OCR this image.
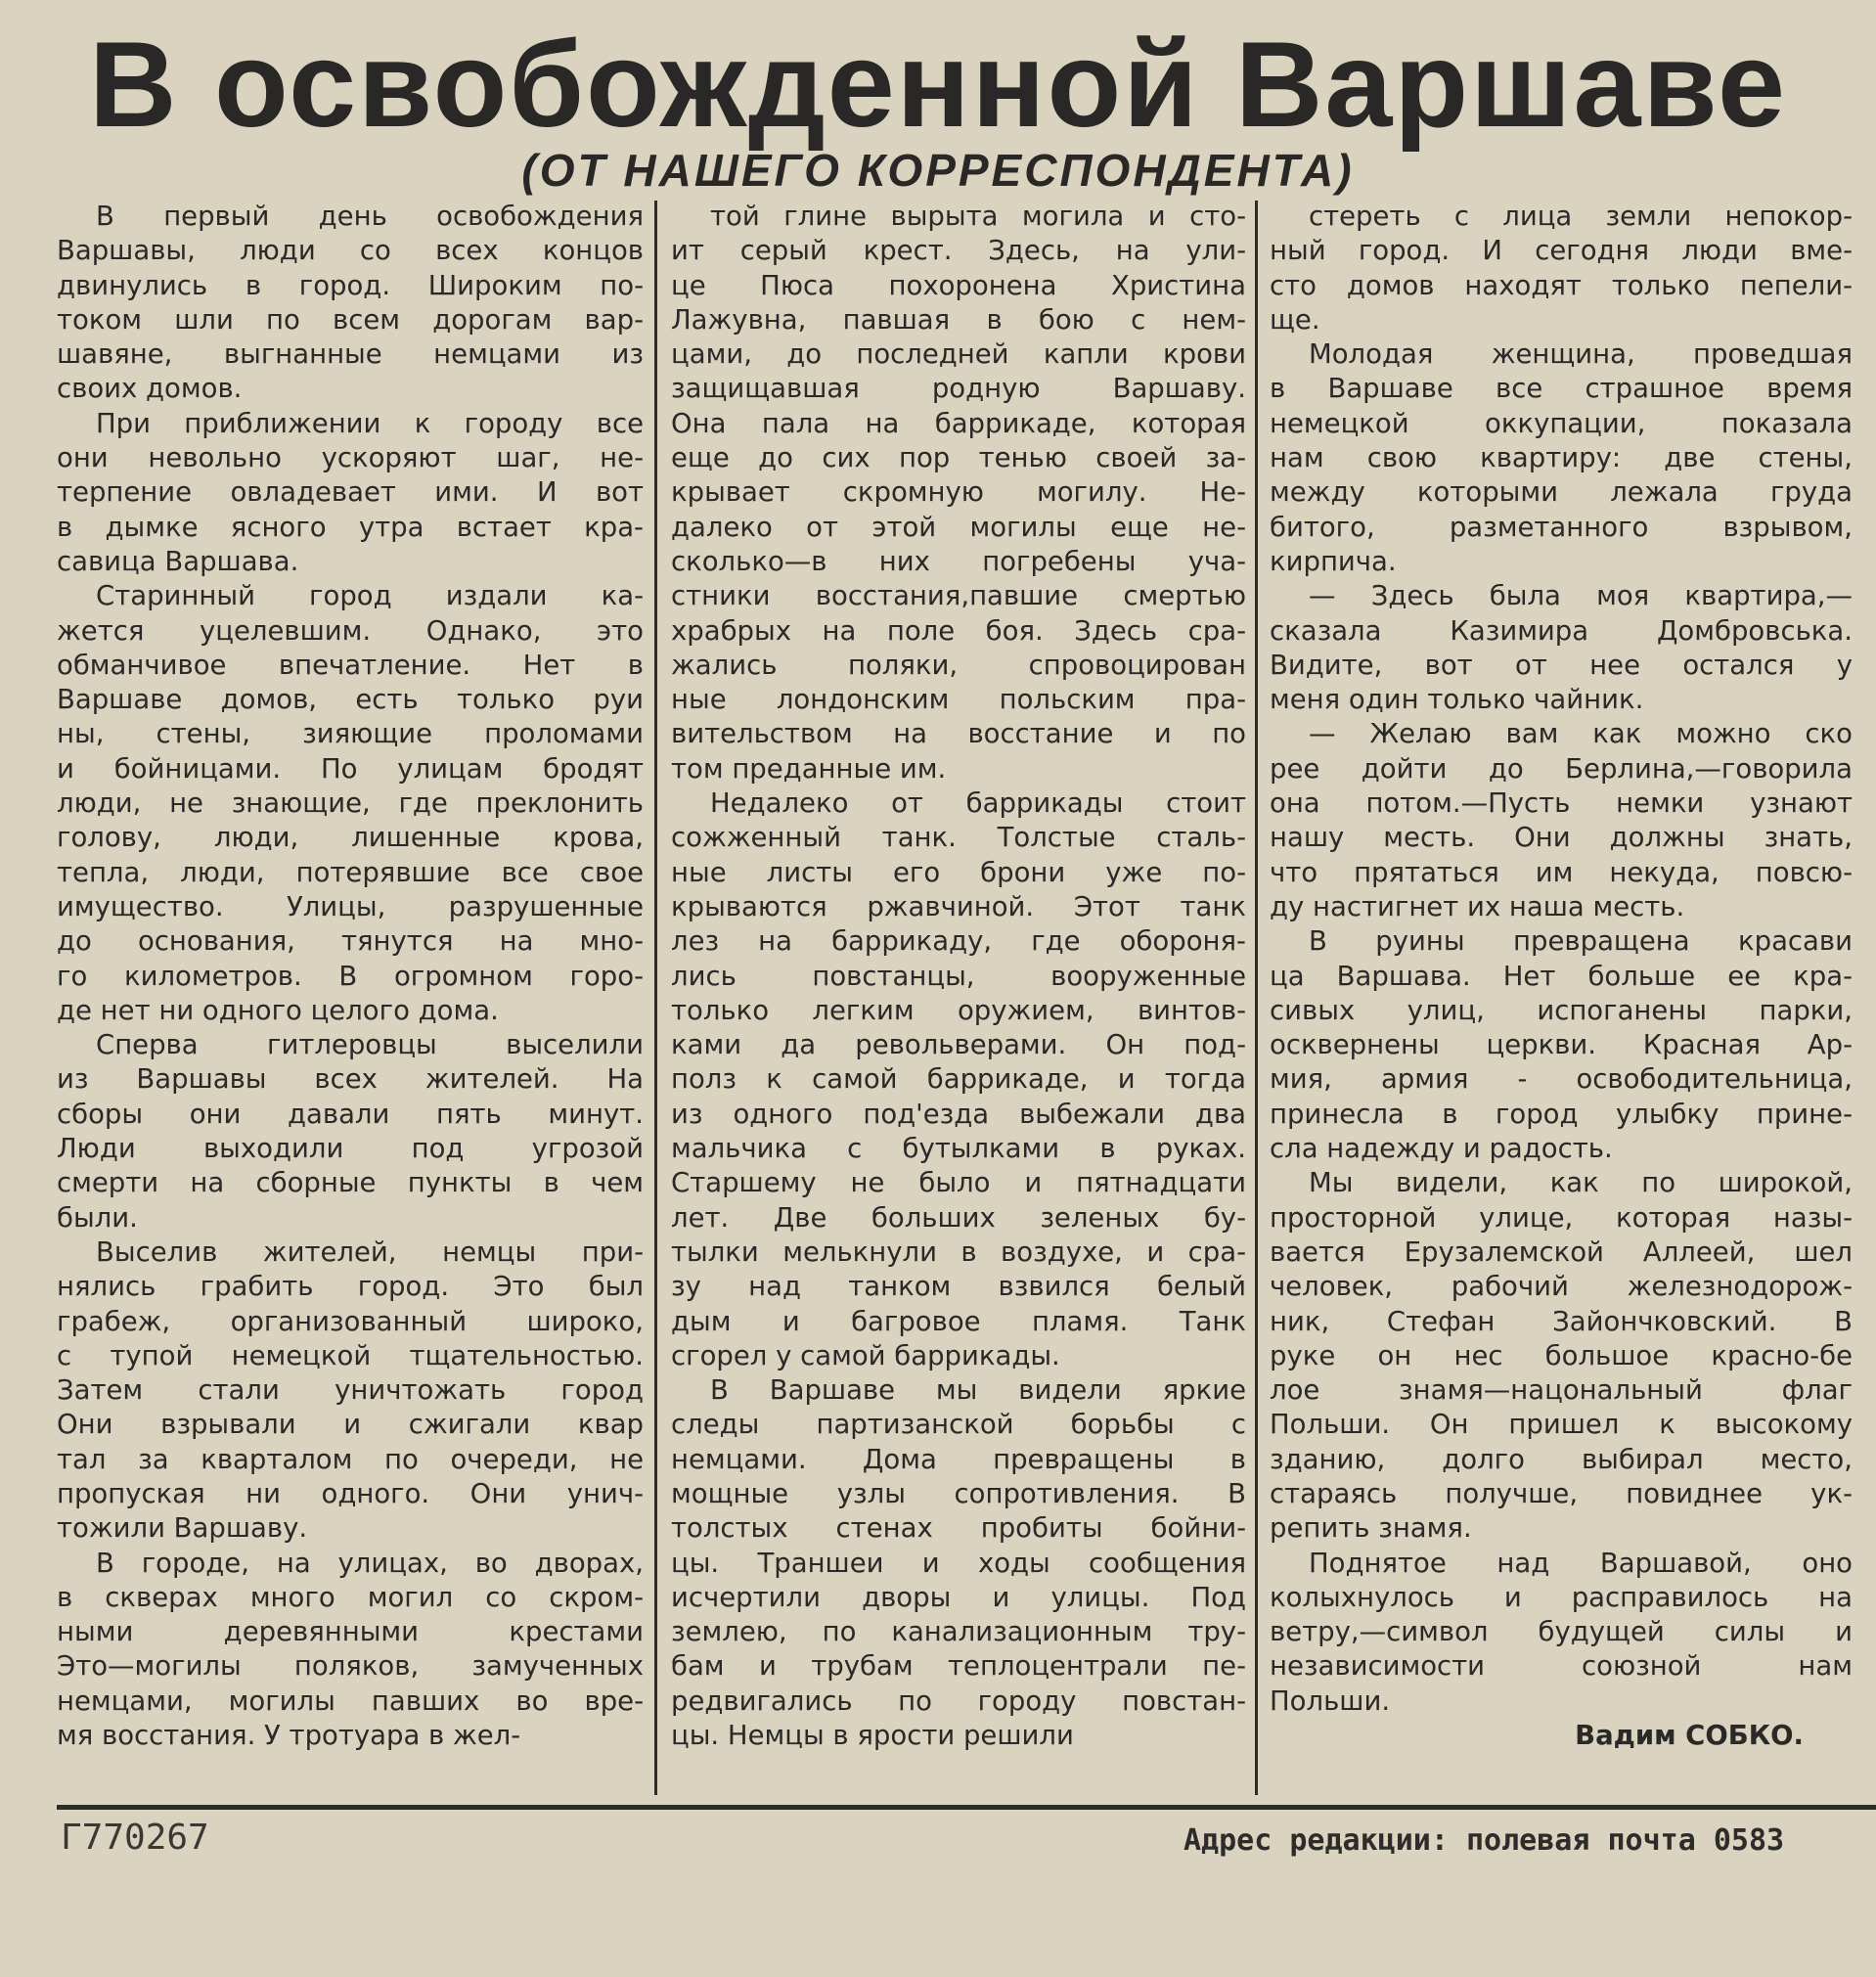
В освобожденной Варшаве
(ОТ НАШЕГО КОРРЕСПОНДЕНТА)
В первый день освобождения
Варшавы, люди со всех концов
двинулись в город. Широким по-
током шли по всем дорогам вар-
шавяне, выгнанные немцами из
своих домов.
При приближении к городу все
они невольно ускоряют шаг, не-
терпение овладевает ими. И вот
в дымке ясного утра встает кра-
савица Варшава.
Старинный город издали ка-
жется уцелевшим. Однако, это
обманчивое впечатление. Нет в
Варшаве домов, есть только руи
ны, стены, зияющие проломами
и бойницами. По улицам бродят
люди, не знающие, где преклонить
голову, люди, лишенные крова,
тепла, люди, потерявшие все свое
имущество. Улицы, разрушенные
до основания, тянутся на мно-
го километров. В огромном горо-
де нет ни одного целого дома.
Сперва гитлеровцы выселили
из Варшавы всех жителей. На
сборы они давали пять минут.
Люди выходили под угрозой
смерти на сборные пункты в чем
были.
Выселив жителей, немцы при-
нялись грабить город. Это был
грабеж, организованный широко,
с тупой немецкой тщательностью.
Затем стали уничтожать город
Они взрывали и сжигали квар
тал за кварталом по очереди, не
пропуская ни одного. Они унич-
тожили Варшаву.
В городе, на улицах, во дворах,
в скверах много могил со скром-
ными деревянными крестами
Это—могилы поляков, замученных
немцами, могилы павших во вре-
мя восстания. У тротуара в жел-
той глине вырыта могила и сто-
ит серый крест. Здесь, на ули-
це Пюса похоронена Христина
Лажувна, павшая в бою с нем-
цами, до последней капли крови
защищавшая родную Варшаву.
Она пала на баррикаде, которая
еще до сих пор тенью своей за-
крывает скромную могилу. Не-
далеко от этой могилы еще не-
сколько—в них погребены уча-
стники восстания,павшие смертью
храбрых на поле боя. Здесь сра-
жались поляки, спровоцирован
ные лондонским польским пра-
вительством на восстание и по
том преданные им.
Недалеко от баррикады стоит
сожженный танк. Толстые сталь-
ные листы его брони уже по-
крываются ржавчиной. Этот танк
лез на баррикаду, где обороня-
лись повстанцы, вооруженные
только легким оружием, винтов-
ками да револьверами. Он под-
полз к самой баррикаде, и тогда
из одного под'езда выбежали два
мальчика с бутылками в руках.
Старшему не было и пятнадцати
лет. Две больших зеленых бу-
тылки мелькнули в воздухе, и сра-
зу над танком взвился белый
дым и багровое пламя. Танк
сгорел у самой баррикады.
В Варшаве мы видели яркие
следы партизанской борьбы с
немцами. Дома превращены в
мощные узлы сопротивления. В
толстых стенах пробиты бойни-
цы. Траншеи и ходы сообщения
исчертили дворы и улицы. Под
землею, по канализационным тру-
бам и трубам теплоцентрали пе-
редвигались по городу повстан-
цы. Немцы в ярости решили
стереть с лица земли непокор-
ный город. И сегодня люди вме-
сто домов находят только пепели-
ще.
Молодая женщина, проведшая
в Варшаве все страшное время
немецкой оккупации, показала
нам свою квартиру: две стены,
между которыми лежала груда
битого, разметанного взрывом,
кирпича.
— Здесь была моя квартира,—
сказала Казимира Домбровська.
Видите, вот от нее остался у
меня один только чайник.
— Желаю вам как можно ско
рее дойти до Берлина,—говорила
она потом.—Пусть немки узнают
нашу месть. Они должны знать,
что прятаться им некуда, повсю-
ду настигнет их наша месть.
В руины превращена красави
ца Варшава. Нет больше ее кра-
сивых улиц, испоганены парки,
осквернены церкви. Красная Ар-
мия, армия - освободительница,
принесла в город улыбку прине-
сла надежду и радость.
Мы видели, как по широкой,
просторной улице, которая назы-
вается Ерузалемской Аллеей, шел
человек, рабочий железнодорож-
ник, Стефан Зайончковский. В
руке он нес большое красно-бе
лое знамя—нацональный флаг
Польши. Он пришел к высокому
зданию, долго выбирал место,
стараясь получше, повиднее ук-
репить знамя.
Поднятое над Варшавой, оно
колыхнулось и расправилось на
ветру,—символ будущей силы и
независимости союзной нам
Польши.
Вадим СОБКО.
Г770267	Адрес редакции: полевая почта 0583
